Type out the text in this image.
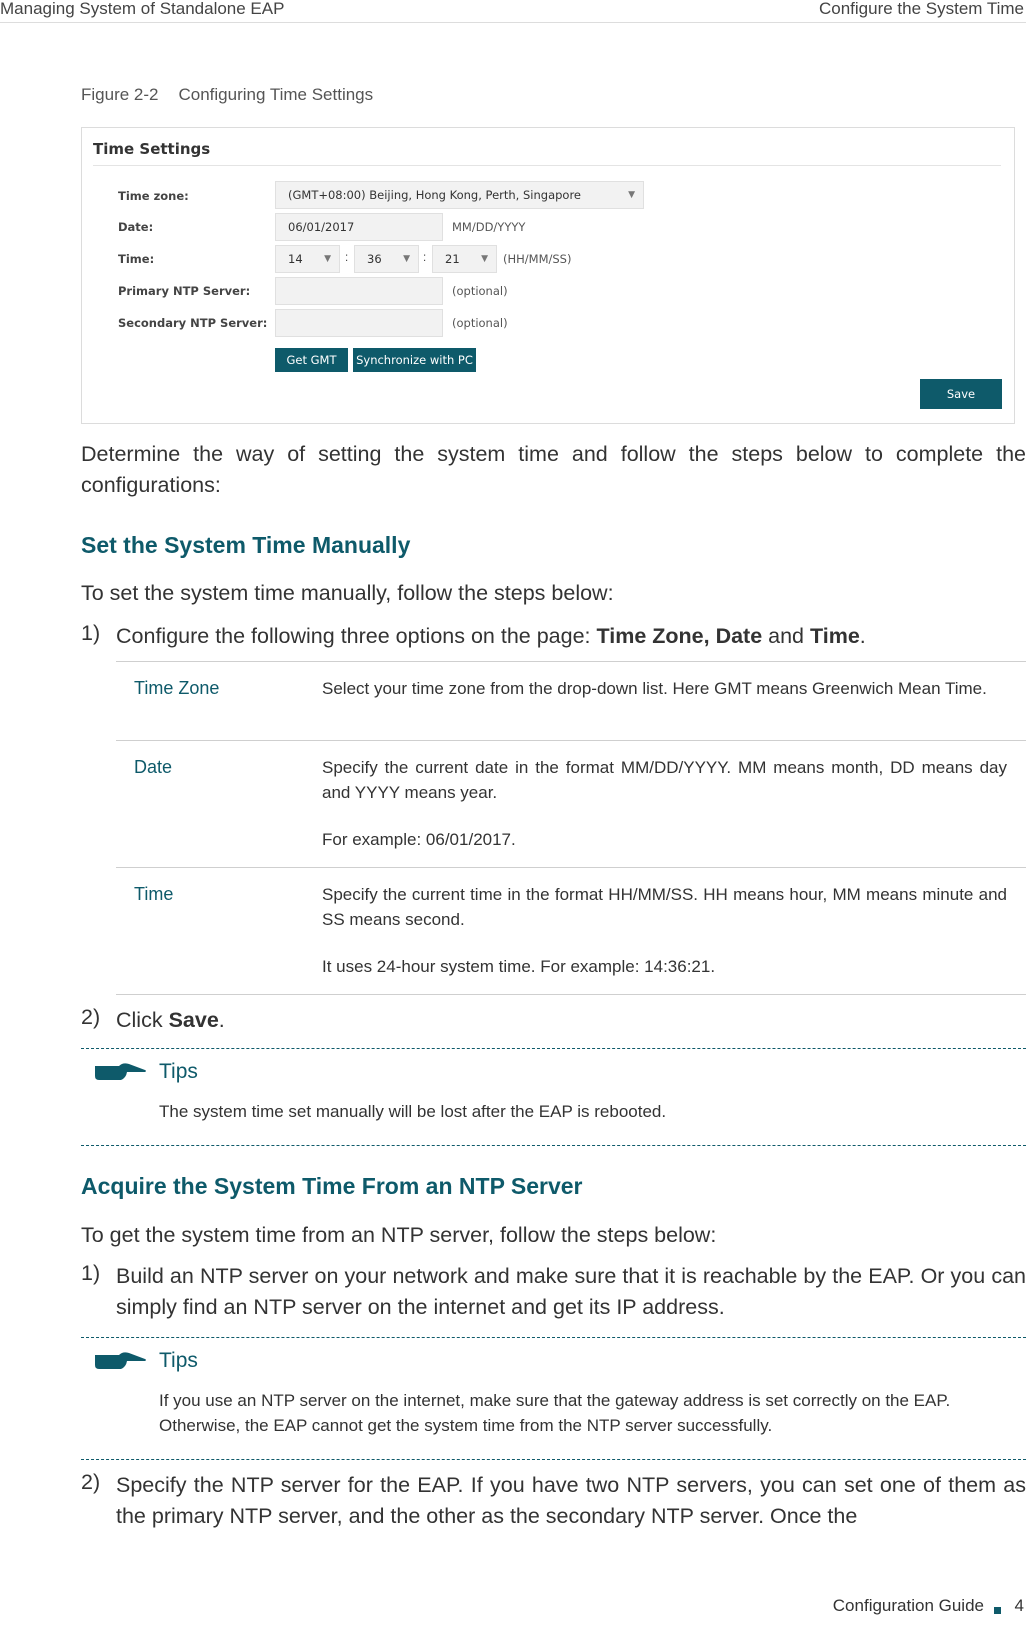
Managing System of Standalone EAP	Configure the System Time
Figure 2-2 Configuring Time Settings
Time Settings
Time zone:	(GMT+08:00) Beijing, Hong Kong, Perth, Singapore	▼
Date:	06/01/2017	MM/DD/YYYY
Time:	14 ▼ :	36 ▼ :	21 ▼ (HH/MM/SS)
Primary NTP Server:	(optional)
Secondary NTP Server:	(optional)
Get GMT	Synchronize with PC
Save
Determine the way of setting the system time and follow the steps below to complete the configurations:
Set the System Time Manually
To set the system time manually, follow the steps below:
1) Configure the following three options on the page: Time Zone, Date and Time.
Time Zone	Select your time zone from the drop-down list. Here GMT means Greenwich Mean Time.
Date	Specify the current date in the format MM/DD/YYYY. MM means month, DD means day and YYYY means year.
For example: 06/01/2017.
Time	Specify the current time in the format HH/MM/SS. HH means hour, MM means minute and SS means second.
It uses 24-hour system time. For example: 14:36:21.
2) Click Save.
Tips
The system time set manually will be lost after the EAP is rebooted.
Acquire the System Time From an NTP Server
To get the system time from an NTP server, follow the steps below:
1) Build an NTP server on your network and make sure that it is reachable by the EAP. Or you can simply find an NTP server on the internet and get its IP address.
Tips
If you use an NTP server on the internet, make sure that the gateway address is set correctly on the EAP. Otherwise, the EAP cannot get the system time from the NTP server successfully.
2) Specify the NTP server for the EAP. If you have two NTP servers, you can set one of them as the primary NTP server, and the other as the secondary NTP server. Once the
Configuration Guide 4
